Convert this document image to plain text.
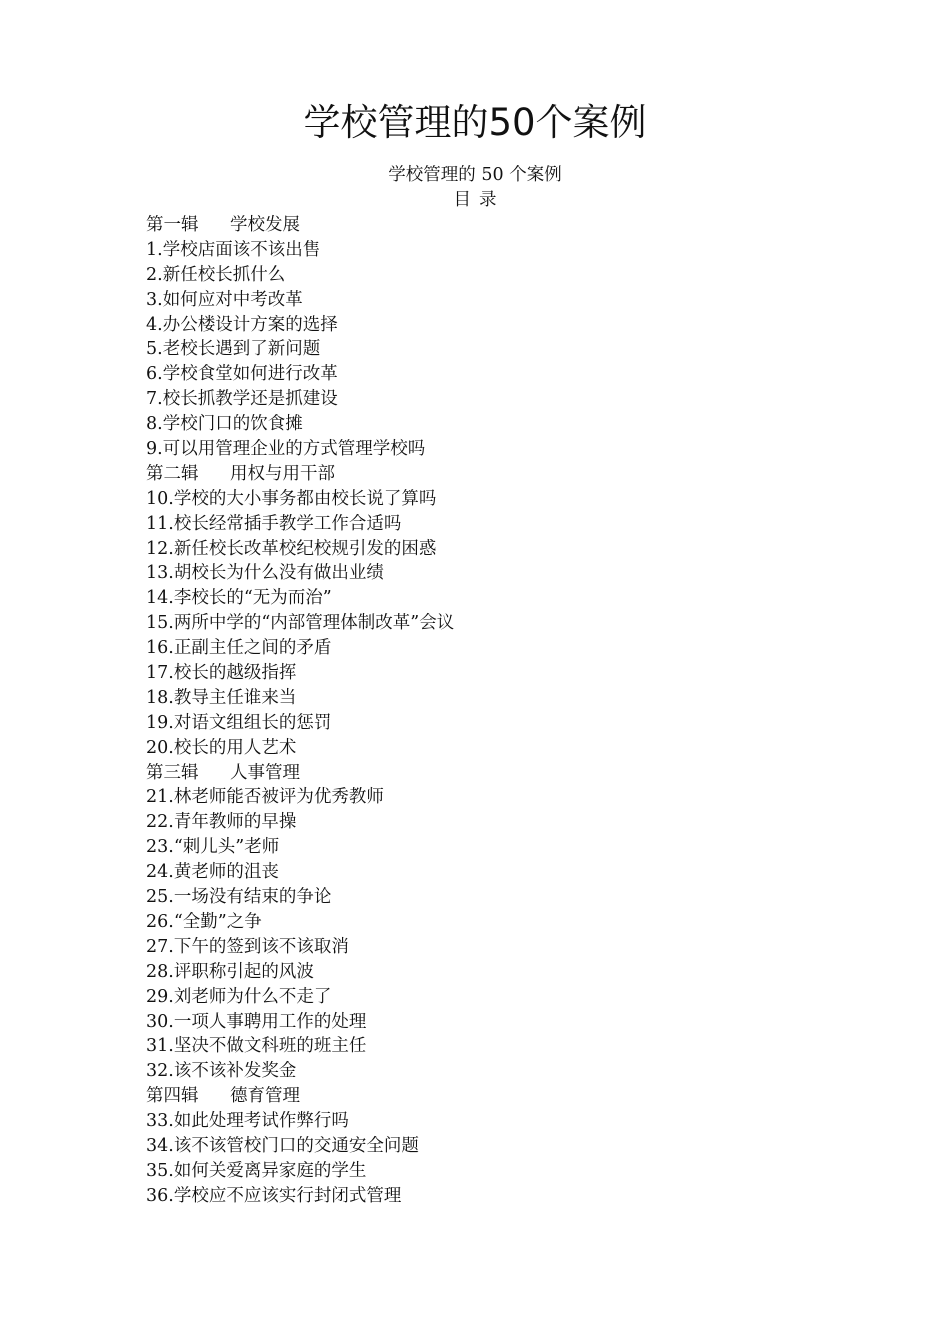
学校管理的50个案例
学校管理的 50 个案例
目录
第一辑 学校发展
1.学校店面该不该出售
2.新任校长抓什么
3.如何应对中考改革
4.办公楼设计方案的选择
5.老校长遇到了新问题
6.学校食堂如何进行改革
7.校长抓教学还是抓建设
8.学校门口的饮食摊
9.可以用管理企业的方式管理学校吗
第二辑 用权与用干部
10.学校的大小事务都由校长说了算吗
11.校长经常插手教学工作合适吗
12.新任校长改革校纪校规引发的困惑
13.胡校长为什么没有做出业绩
14.李校长的“无为而治”
15.两所中学的“内部管理体制改革”会议
16.正副主任之间的矛盾
17.校长的越级指挥
18.教导主任谁来当
19.对语文组组长的惩罚
20.校长的用人艺术
第三辑 人事管理
21.林老师能否被评为优秀教师
22.青年教师的早操
23.“刺儿头”老师
24.黄老师的沮丧
25.一场没有结束的争论
26.“全勤”之争
27.下午的签到该不该取消
28.评职称引起的风波
29.刘老师为什么不走了
30.一项人事聘用工作的处理
31.坚决不做文科班的班主任
32.该不该补发奖金
第四辑 德育管理
33.如此处理考试作弊行吗
34.该不该管校门口的交通安全问题
35.如何关爱离异家庭的学生
36.学校应不应该实行封闭式管理
